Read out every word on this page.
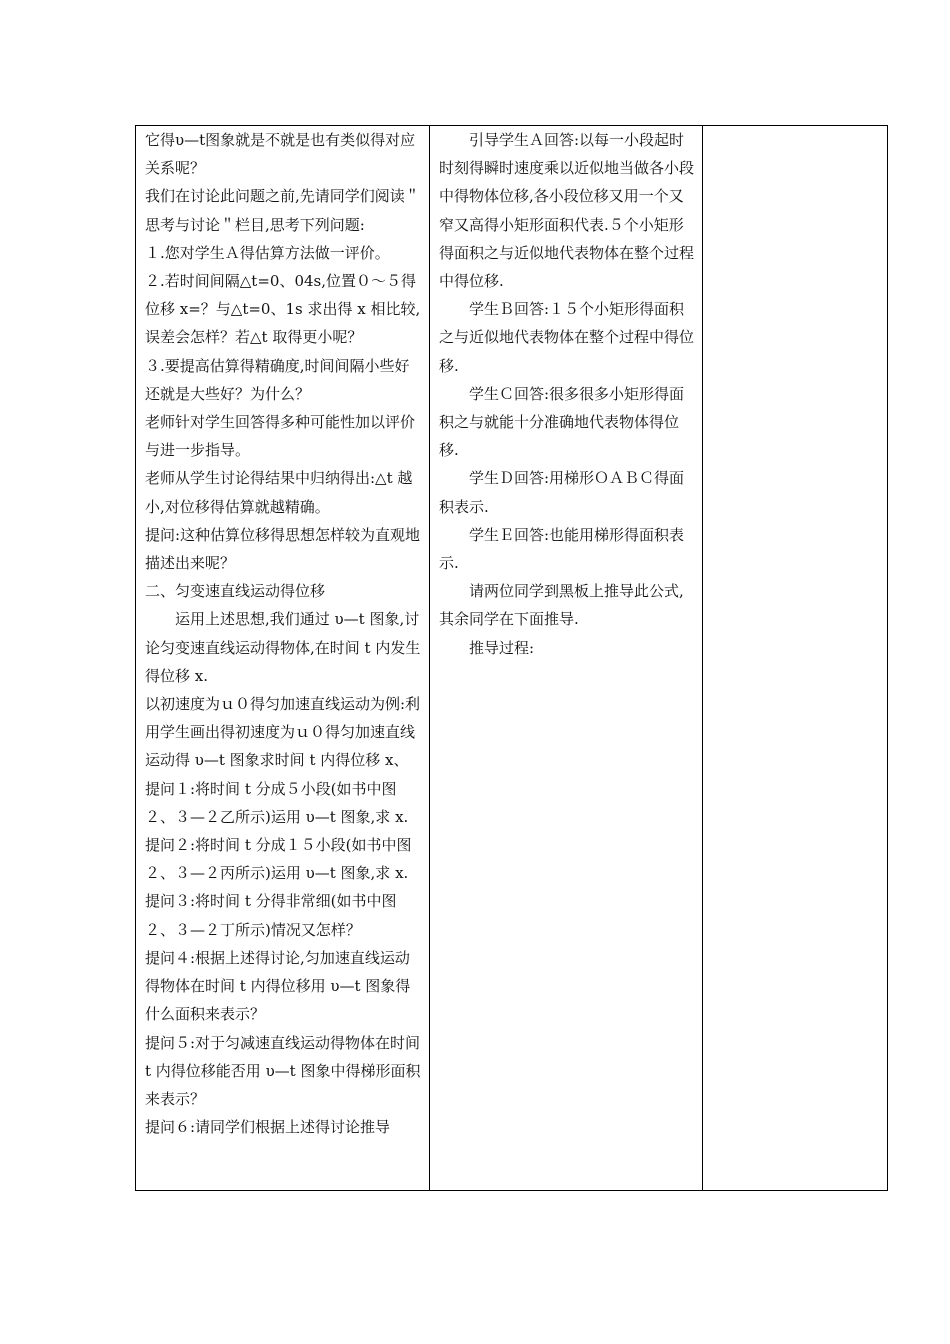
它得υ—t图象就是不就是也有类似得对应关系呢？

我们在讨论此问题之前,先请同学们阅读＂思考与讨论＂栏目,思考下列问题:

１.您对学生Ａ得估算方法做一评价。

２.若时间间隔△t=0、04s,位置０～５得位移 x=？与△t=0、1s 求出得 x 相比较,误差会怎样？若△t 取得更小呢？

３.要提高估算得精确度,时间间隔小些好还就是大些好？为什么？

老师针对学生回答得多种可能性加以评价与进一步指导。

老师从学生讨论得结果中归纳得出:△t 越小,对位移得估算就越精确。

提问:这种估算位移得思想怎样较为直观地描述出来呢？

二、匀变速直线运动得位移

运用上述思想,我们通过 υ—t 图象,讨论匀变速直线运动得物体,在时间 t 内发生得位移 x.

以初速度为ｕ０得匀加速直线运动为例:利用学生画出得初速度为ｕ０得匀加速直线运动得 υ—t 图象求时间 t 内得位移 x、

提问１:将时间 t 分成５小段(如书中图２、３—２乙所示)运用 υ—t 图象,求 x.

提问２:将时间 t 分成１５小段(如书中图２、３—２丙所示)运用 υ—t 图象,求 x.

提问３:将时间 t 分得非常细(如书中图２、３—２丁所示)情况又怎样？

提问４:根据上述得讨论,匀加速直线运动得物体在时间 t 内得位移用 υ—t 图象得什么面积来表示？

提问５:对于匀减速直线运动得物体在时间 t 内得位移能否用 υ—t 图象中得梯形面积来表示？

提问６:请同学们根据上述得讨论推导

引导学生Ａ回答:以每一小段起时时刻得瞬时速度乘以近似地当做各小段中得物体位移,各小段位移又用一个又窄又高得小矩形面积代表.５个小矩形得面积之与近似地代表物体在整个过程中得位移.

学生Ｂ回答:１５个小矩形得面积之与近似地代表物体在整个过程中得位移.

学生Ｃ回答:很多很多小矩形得面积之与就能十分准确地代表物体得位移.

学生Ｄ回答:用梯形ＯＡＢＣ得面积表示.

学生Ｅ回答:也能用梯形得面积表示.

请两位同学到黑板上推导此公式,其余同学在下面推导.

推导过程:
